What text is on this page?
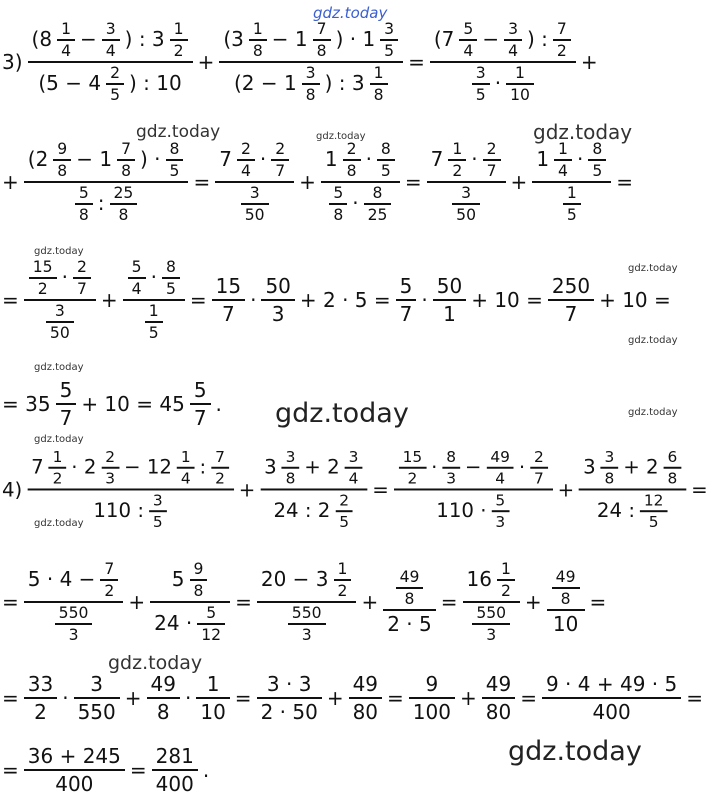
gdz.today
gdz.today	gdz.today	gdz.today
gdz.today
gdz.today
gdz.today
gdz.today
gdz.today	gdz.today
gdz.today
gdz.today
gdz.today
gdz.today
3)
($8 \frac{1}{4} - \frac{3}{4}$ ) : $3 \frac{1}{2}$
($5 - 4 \frac{2}{5}$ ) : 10
+
($3 \frac{1}{8} - 1 \frac{7}{8}$ ) · $1 \frac{3}{5}$
($2 - 1 \frac{3}{8}$ ) : $3 \frac{1}{8}$
=
($7 \frac{5}{4} - \frac{3}{4}$ ) : $\frac{7}{2}$
$\frac{3}{5} \cdot \frac{1}{10}$
+
+
($2 \frac{9}{8} - 1 \frac{7}{8}$ ) · $\frac{8}{5}$
$\frac{5}{8}$ : $\frac{25}{8}$
=
$7 \frac{2}{4} \cdot \frac{2}{7}$
$\frac{3}{50}$
+
$1 \frac{2}{8} \cdot \frac{8}{5}$
$\frac{5}{8} \cdot \frac{8}{25}$
=
$7 \frac{1}{2} \cdot \frac{2}{7}$
$\frac{3}{50}$
+
$1 \frac{1}{4} \cdot \frac{8}{5}$
$\frac{1}{5}$
=
=
$\frac{15}{2} \cdot \frac{2}{7}$
$\frac{3}{50}$
+
$\frac{5}{4} \cdot \frac{8}{5}$
$\frac{1}{5}$
=
15
7
·
50
3
+ 2 · 5 =
5
7
·
50
1
+ 10 =
250
7
+ 10 =
= 35
5
7
+ 10 = 45
5
7
.
4)
$7 \frac{1}{2} \cdot 2 \frac{2}{3} - 12 \frac{1}{4}$ : $\frac{7}{2}$
110 : $\frac{3}{5}$
+
$3 \frac{3}{8} + 2 \frac{3}{4}$
24 : $2 \frac{2}{5}$
=
$\frac{15}{2} \cdot \frac{8}{3} - \frac{49}{4} \cdot \frac{2}{7}$
$110 \cdot \frac{5}{3}$
+
$3 \frac{3}{8} + 2 \frac{6}{8}$
24 : $\frac{12}{5}$
=
=
$5 \cdot 4 - \frac{7}{2}$
$\frac{550}{3}$
+
$5 \frac{9}{8}$
$24 \cdot \frac{5}{12}$
=
$20 - 3 \frac{1}{2}$
$\frac{550}{3}$
+ $\frac{49}{8}$
2 · 5
=
$16 \frac{1}{2}$
$\frac{550}{3}$
+ $\frac{49}{8}$
10
=
=
33
2
·
3
550
+
49
8
·
1
10
=
3 · 3
2 · 50
+
49
80
=
9
100
+
49
80
=
9 · 4 + 49 · 5
400
=
=
36 + 245
400
=
281
400
.
